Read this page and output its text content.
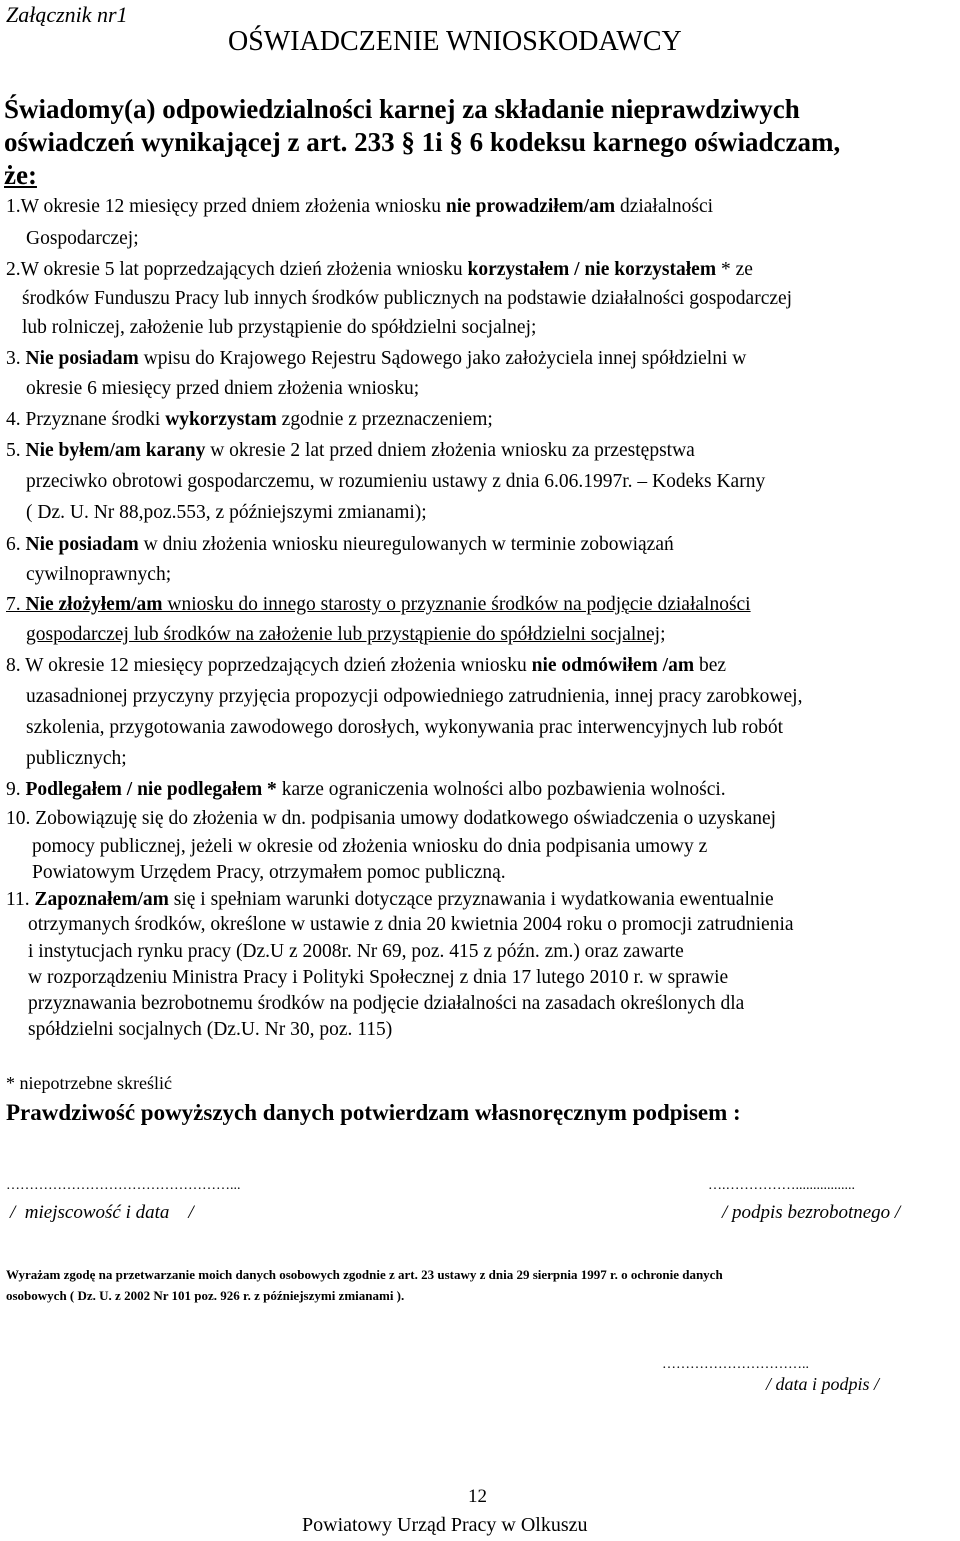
Załącznik nr1
OŚWIADCZENIE WNIOSKODAWCY
Świadomy(a) odpowiedzialności karnej za składanie nieprawdziwych
oświadczeń wynikającej z art. 233 § 1i § 6 kodeksu karnego oświadczam,
że:
1.W okresie 12 miesięcy przed dniem złożenia wniosku nie prowadziłem/am działalności
Gospodarczej;
2.W okresie 5 lat poprzedzających dzień złożenia wniosku korzystałem / nie korzystałem * ze
środków Funduszu Pracy lub innych środków publicznych na podstawie działalności gospodarczej
lub rolniczej, założenie lub przystąpienie do spółdzielni socjalnej;
3. Nie posiadam wpisu do Krajowego Rejestru Sądowego jako założyciela innej spółdzielni w
okresie 6 miesięcy przed dniem złożenia wniosku;
4. Przyznane środki wykorzystam zgodnie z przeznaczeniem;
5. Nie byłem/am karany w okresie 2 lat przed dniem złożenia wniosku za przestępstwa
przeciwko obrotowi gospodarczemu, w rozumieniu ustawy z dnia 6.06.1997r. – Kodeks Karny
( Dz. U. Nr 88,poz.553, z późniejszymi zmianami);
6. Nie posiadam w dniu złożenia wniosku nieuregulowanych w terminie zobowiązań
cywilnoprawnych;
7. Nie złożyłem/am wniosku do innego starosty o przyznanie środków na podjęcie działalności
gospodarczej lub środków na założenie lub przystąpienie do spółdzielni socjalnej;
8. W okresie 12 miesięcy poprzedzających dzień złożenia wniosku nie odmówiłem /am bez
uzasadnionej przyczyny przyjęcia propozycji odpowiedniego zatrudnienia, innej pracy zarobkowej,
szkolenia, przygotowania zawodowego dorosłych, wykonywania prac interwencyjnych lub robót
publicznych;
9. Podlegałem / nie podlegałem * karze ograniczenia wolności albo pozbawienia wolności.
10. Zobowiązuję się do złożenia w dn. podpisania umowy dodatkowego oświadczenia o uzyskanej
pomocy publicznej, jeżeli w okresie od złożenia wniosku do dnia podpisania umowy z
Powiatowym Urzędem Pracy, otrzymałem pomoc publiczną.
11. Zapoznałem/am się i spełniam warunki dotyczące przyznawania i wydatkowania ewentualnie
otrzymanych środków, określone w ustawie z dnia 20 kwietnia 2004 roku o promocji zatrudnienia
i instytucjach rynku pracy (Dz.U z 2008r. Nr 69, poz. 415 z późn. zm.) oraz zawarte
w rozporządzeniu Ministra Pracy i Polityki Społecznej z dnia 17 lutego 2010 r. w sprawie
przyznawania bezrobotnemu środków na podjęcie działalności na zasadach określonych dla
spółdzielni socjalnych (Dz.U. Nr 30, poz. 115)
* niepotrzebne skreślić
Prawdziwość powyższych danych potwierdzam własnoręcznym podpisem :
…………………………………………...	….…………….................
/  miejscowość i data    /	/ podpis bezrobotnego /
Wyrażam zgodę na przetwarzanie moich danych osobowych zgodnie z art. 23 ustawy z dnia 29 sierpnia 1997 r. o ochronie danych
osobowych ( Dz. U. z 2002 Nr 101 poz. 926 r. z późniejszymi zmianami ).
…………………………..
/ data i podpis /
12
Powiatowy Urząd Pracy w Olkuszu
